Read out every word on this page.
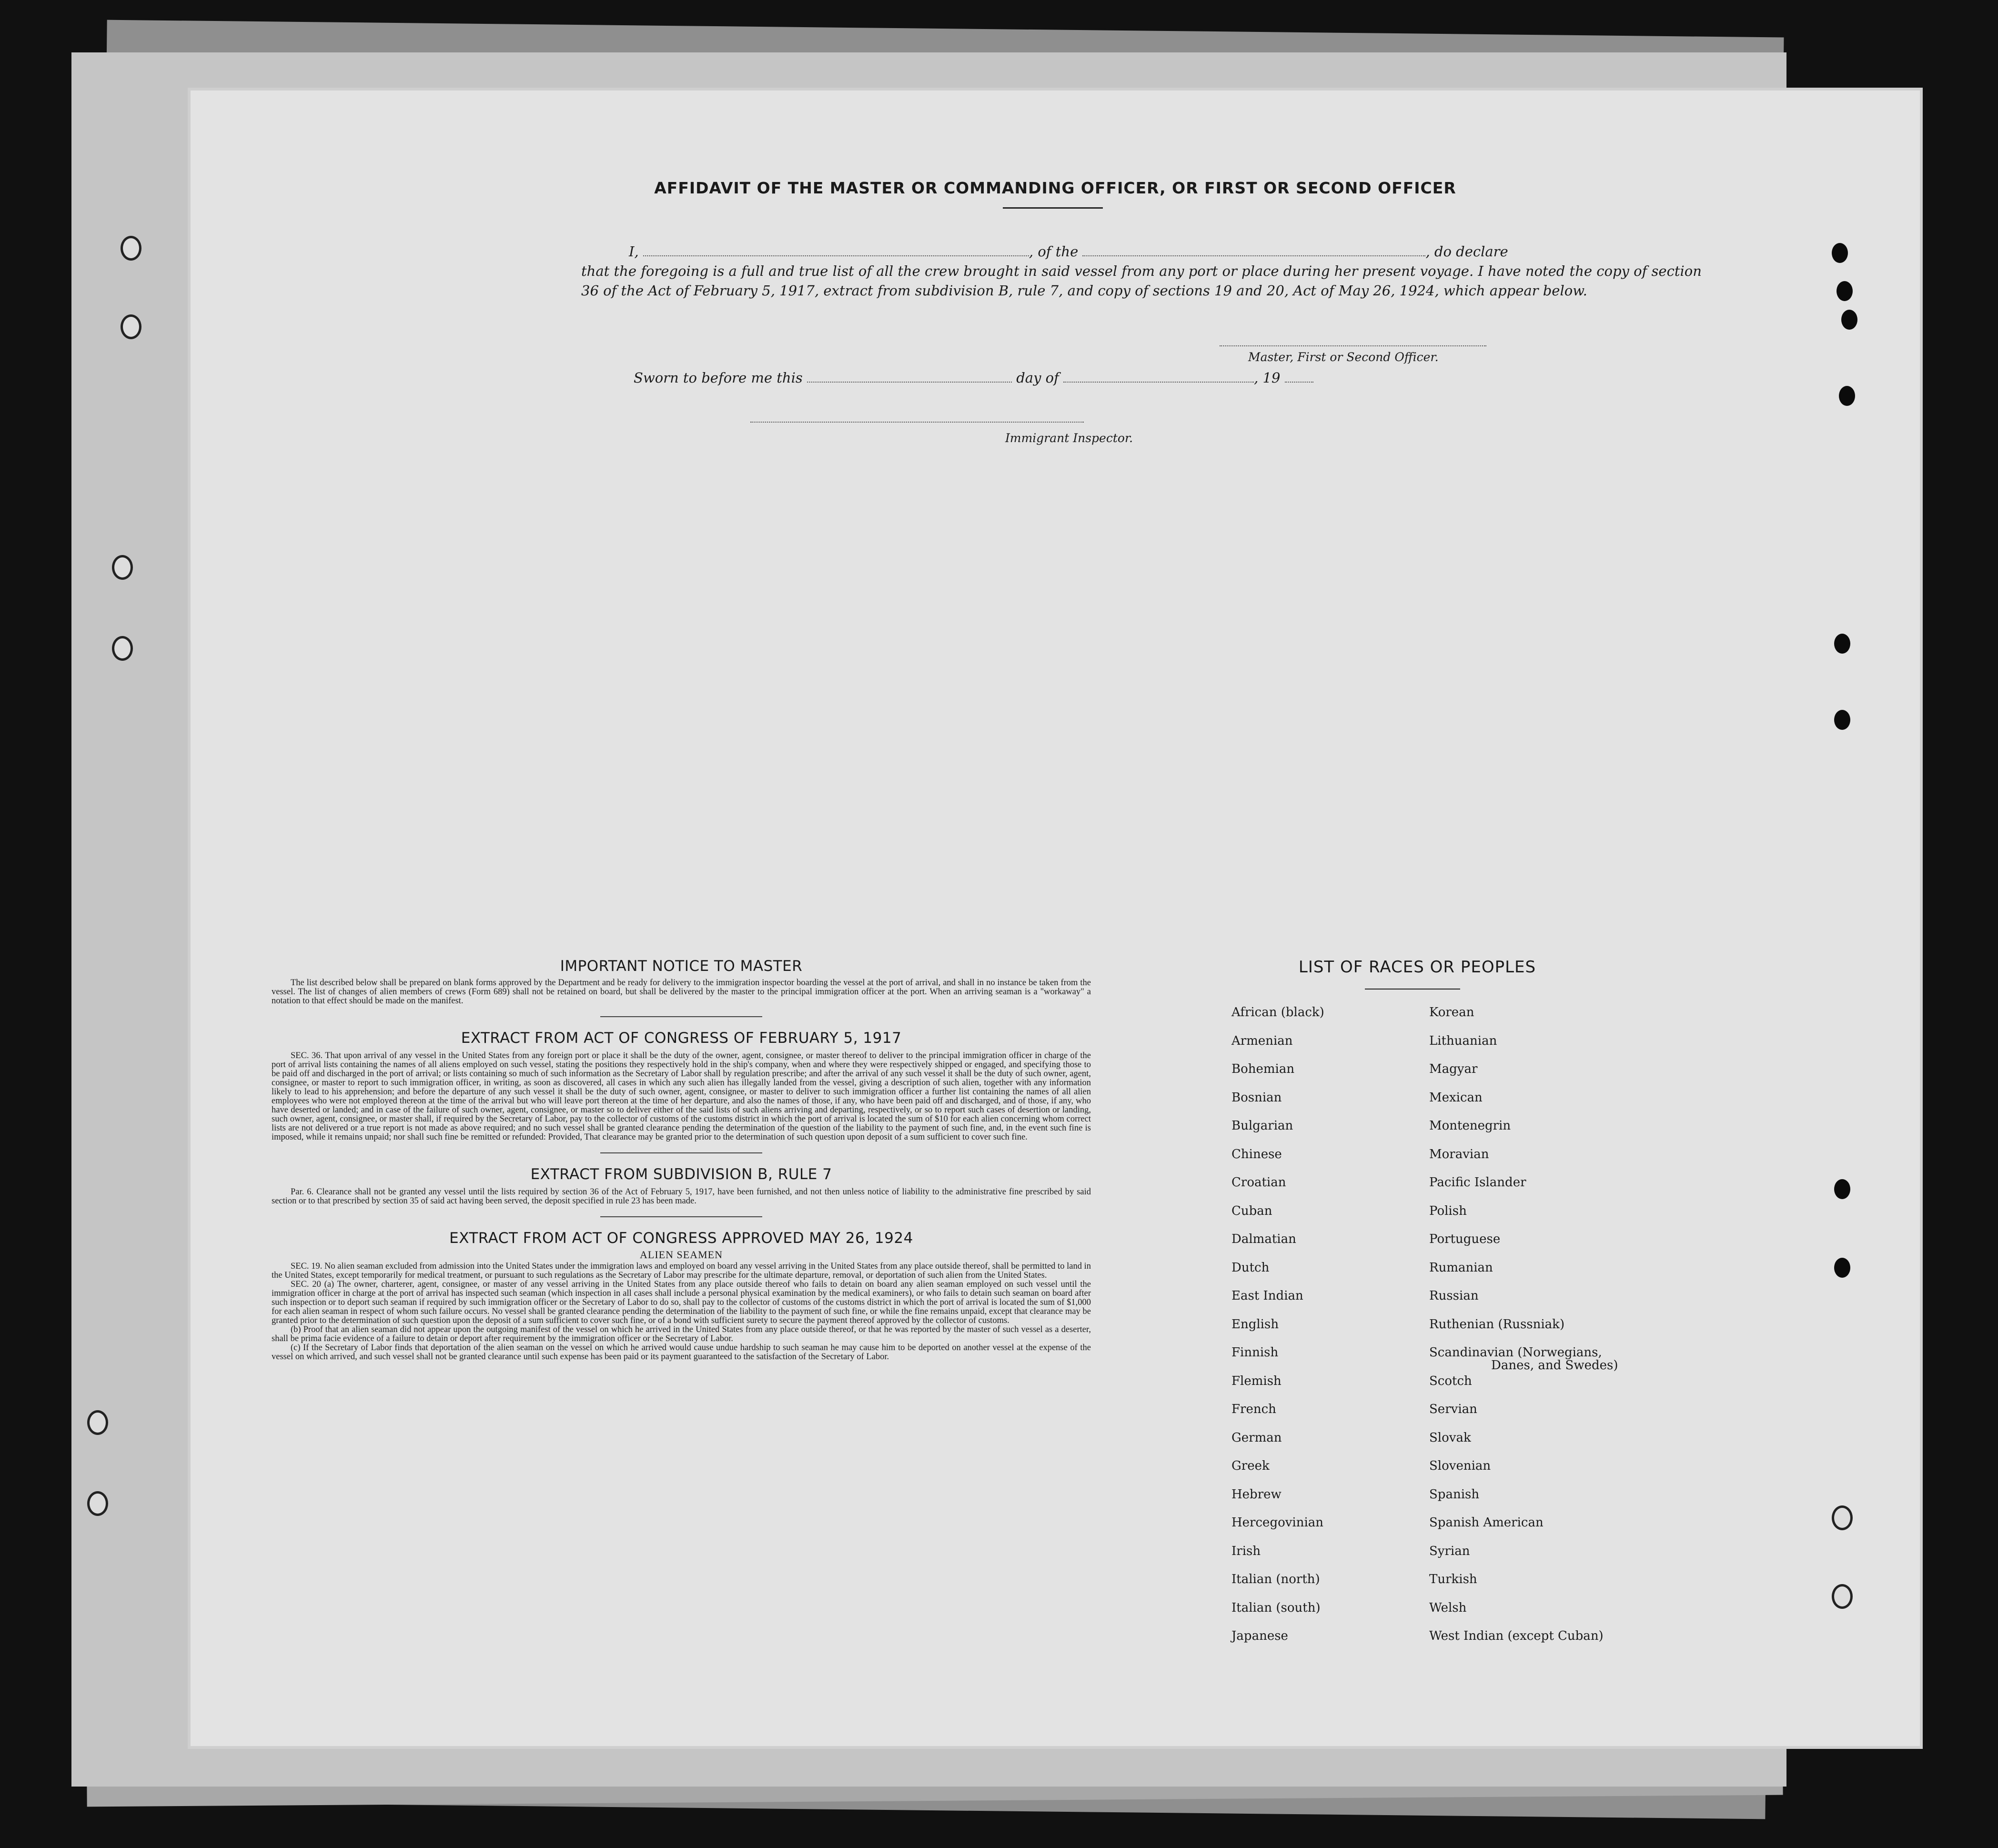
AFFIDAVIT OF THE MASTER OR COMMANDING OFFICER, OR FIRST OR SECOND OFFICER

I,	, of the	, do declare

that the foregoing is a full and true list of all the crew brought in said vessel from any port or place during her present voyage. I have noted the copy of section 36 of the Act of February 5, 1917, extract from subdivision B, rule 7, and copy of sections 19 and 20, Act of May 26, 1924, which appear below.

Master, First or Second Officer.
Sworn to before me this	day of	, 19
Immigrant Inspector.

IMPORTANT NOTICE TO MASTER

The list described below shall be prepared on blank forms approved by the Department and be ready for delivery to the immigration inspector boarding the vessel at the port of arrival, and shall in no instance be taken from the vessel. The list of changes of alien members of crews (Form 689) shall not be retained on board, but shall be delivered by the master to the principal immigration officer at the port. When an arriving seaman is a "workaway" a notation to that effect should be made on the manifest.

EXTRACT FROM ACT OF CONGRESS OF FEBRUARY 5, 1917

SEC. 36. That upon arrival of any vessel in the United States from any foreign port or place it shall be the duty of the owner, agent, consignee, or master thereof to deliver to the principal immigration officer in charge of the port of arrival lists containing the names of all aliens employed on such vessel, stating the positions they respectively hold in the ship's company, when and where they were respectively shipped or engaged, and specifying those to be paid off and discharged in the port of arrival; or lists containing so much of such information as the Secretary of Labor shall by regulation prescribe; and after the arrival of any such vessel it shall be the duty of such owner, agent, consignee, or master to report to such immigration officer, in writing, as soon as discovered, all cases in which any such alien has illegally landed from the vessel, giving a description of such alien, together with any information likely to lead to his apprehension; and before the departure of any such vessel it shall be the duty of such owner, agent, consignee, or master to deliver to such immigration officer a further list containing the names of all alien employees who were not employed thereon at the time of the arrival but who will leave port thereon at the time of her departure, and also the names of those, if any, who have been paid off and discharged, and of those, if any, who have deserted or landed; and in case of the failure of such owner, agent, consignee, or master so to deliver either of the said lists of such aliens arriving and departing, respectively, or so to report such cases of desertion or landing, such owner, agent, consignee, or master shall, if required by the Secretary of Labor, pay to the collector of customs of the customs district in which the port of arrival is located the sum of $10 for each alien concerning whom correct lists are not delivered or a true report is not made as above required; and no such vessel shall be granted clearance pending the determination of the question of the liability to the payment of such fine, and, in the event such fine is imposed, while it remains unpaid; nor shall such fine be remitted or refunded: Provided, That clearance may be granted prior to the determination of such question upon deposit of a sum sufficient to cover such fine.

EXTRACT FROM SUBDIVISION B, RULE 7

Par. 6. Clearance shall not be granted any vessel until the lists required by section 36 of the Act of February 5, 1917, have been furnished, and not then unless notice of liability to the administrative fine prescribed by said section or to that prescribed by section 35 of said act having been served, the deposit specified in rule 23 has been made.

EXTRACT FROM ACT OF CONGRESS APPROVED MAY 26, 1924

ALIEN SEAMEN

SEC. 19. No alien seaman excluded from admission into the United States under the immigration laws and employed on board any vessel arriving in the United States from any place outside thereof, shall be permitted to land in the United States, except temporarily for medical treatment, or pursuant to such regulations as the Secretary of Labor may prescribe for the ultimate departure, removal, or deportation of such alien from the United States.

SEC. 20 (a) The owner, charterer, agent, consignee, or master of any vessel arriving in the United States from any place outside thereof who fails to detain on board any alien seaman employed on such vessel until the immigration officer in charge at the port of arrival has inspected such seaman (which inspection in all cases shall include a personal physical examination by the medical examiners), or who fails to detain such seaman on board after such inspection or to deport such seaman if required by such immigration officer or the Secretary of Labor to do so, shall pay to the collector of customs of the customs district in which the port of arrival is located the sum of $1,000 for each alien seaman in respect of whom such failure occurs. No vessel shall be granted clearance pending the determination of the liability to the payment of such fine, or while the fine remains unpaid, except that clearance may be granted prior to the determination of such question upon the deposit of a sum sufficient to cover such fine, or of a bond with sufficient surety to secure the payment thereof approved by the collector of customs.

(b) Proof that an alien seaman did not appear upon the outgoing manifest of the vessel on which he arrived in the United States from any place outside thereof, or that he was reported by the master of such vessel as a deserter, shall be prima facie evidence of a failure to detain or deport after requirement by the immigration officer or the Secretary of Labor.

(c) If the Secretary of Labor finds that deportation of the alien seaman on the vessel on which he arrived would cause undue hardship to such seaman he may cause him to be deported on another vessel at the expense of the vessel on which arrived, and such vessel shall not be granted clearance until such expense has been paid or its payment guaranteed to the satisfaction of the Secretary of Labor.

LIST OF RACES OR PEOPLES
African (black)
Armenian
Bohemian
Bosnian
Bulgarian
Chinese
Croatian
Cuban
Dalmatian
Dutch
East Indian
English
Finnish
Flemish
French
German
Greek
Hebrew
Hercegovinian
Irish
Italian (north)
Italian (south)
Japanese
Korean
Lithuanian
Magyar
Mexican
Montenegrin
Moravian
Pacific Islander
Polish
Portuguese
Rumanian
Russian
Ruthenian (Russniak)
Scandinavian (Norwegians,
Danes, and Swedes)
Scotch
Servian
Slovak
Slovenian
Spanish
Spanish American
Syrian
Turkish
Welsh
West Indian (except Cuban)
